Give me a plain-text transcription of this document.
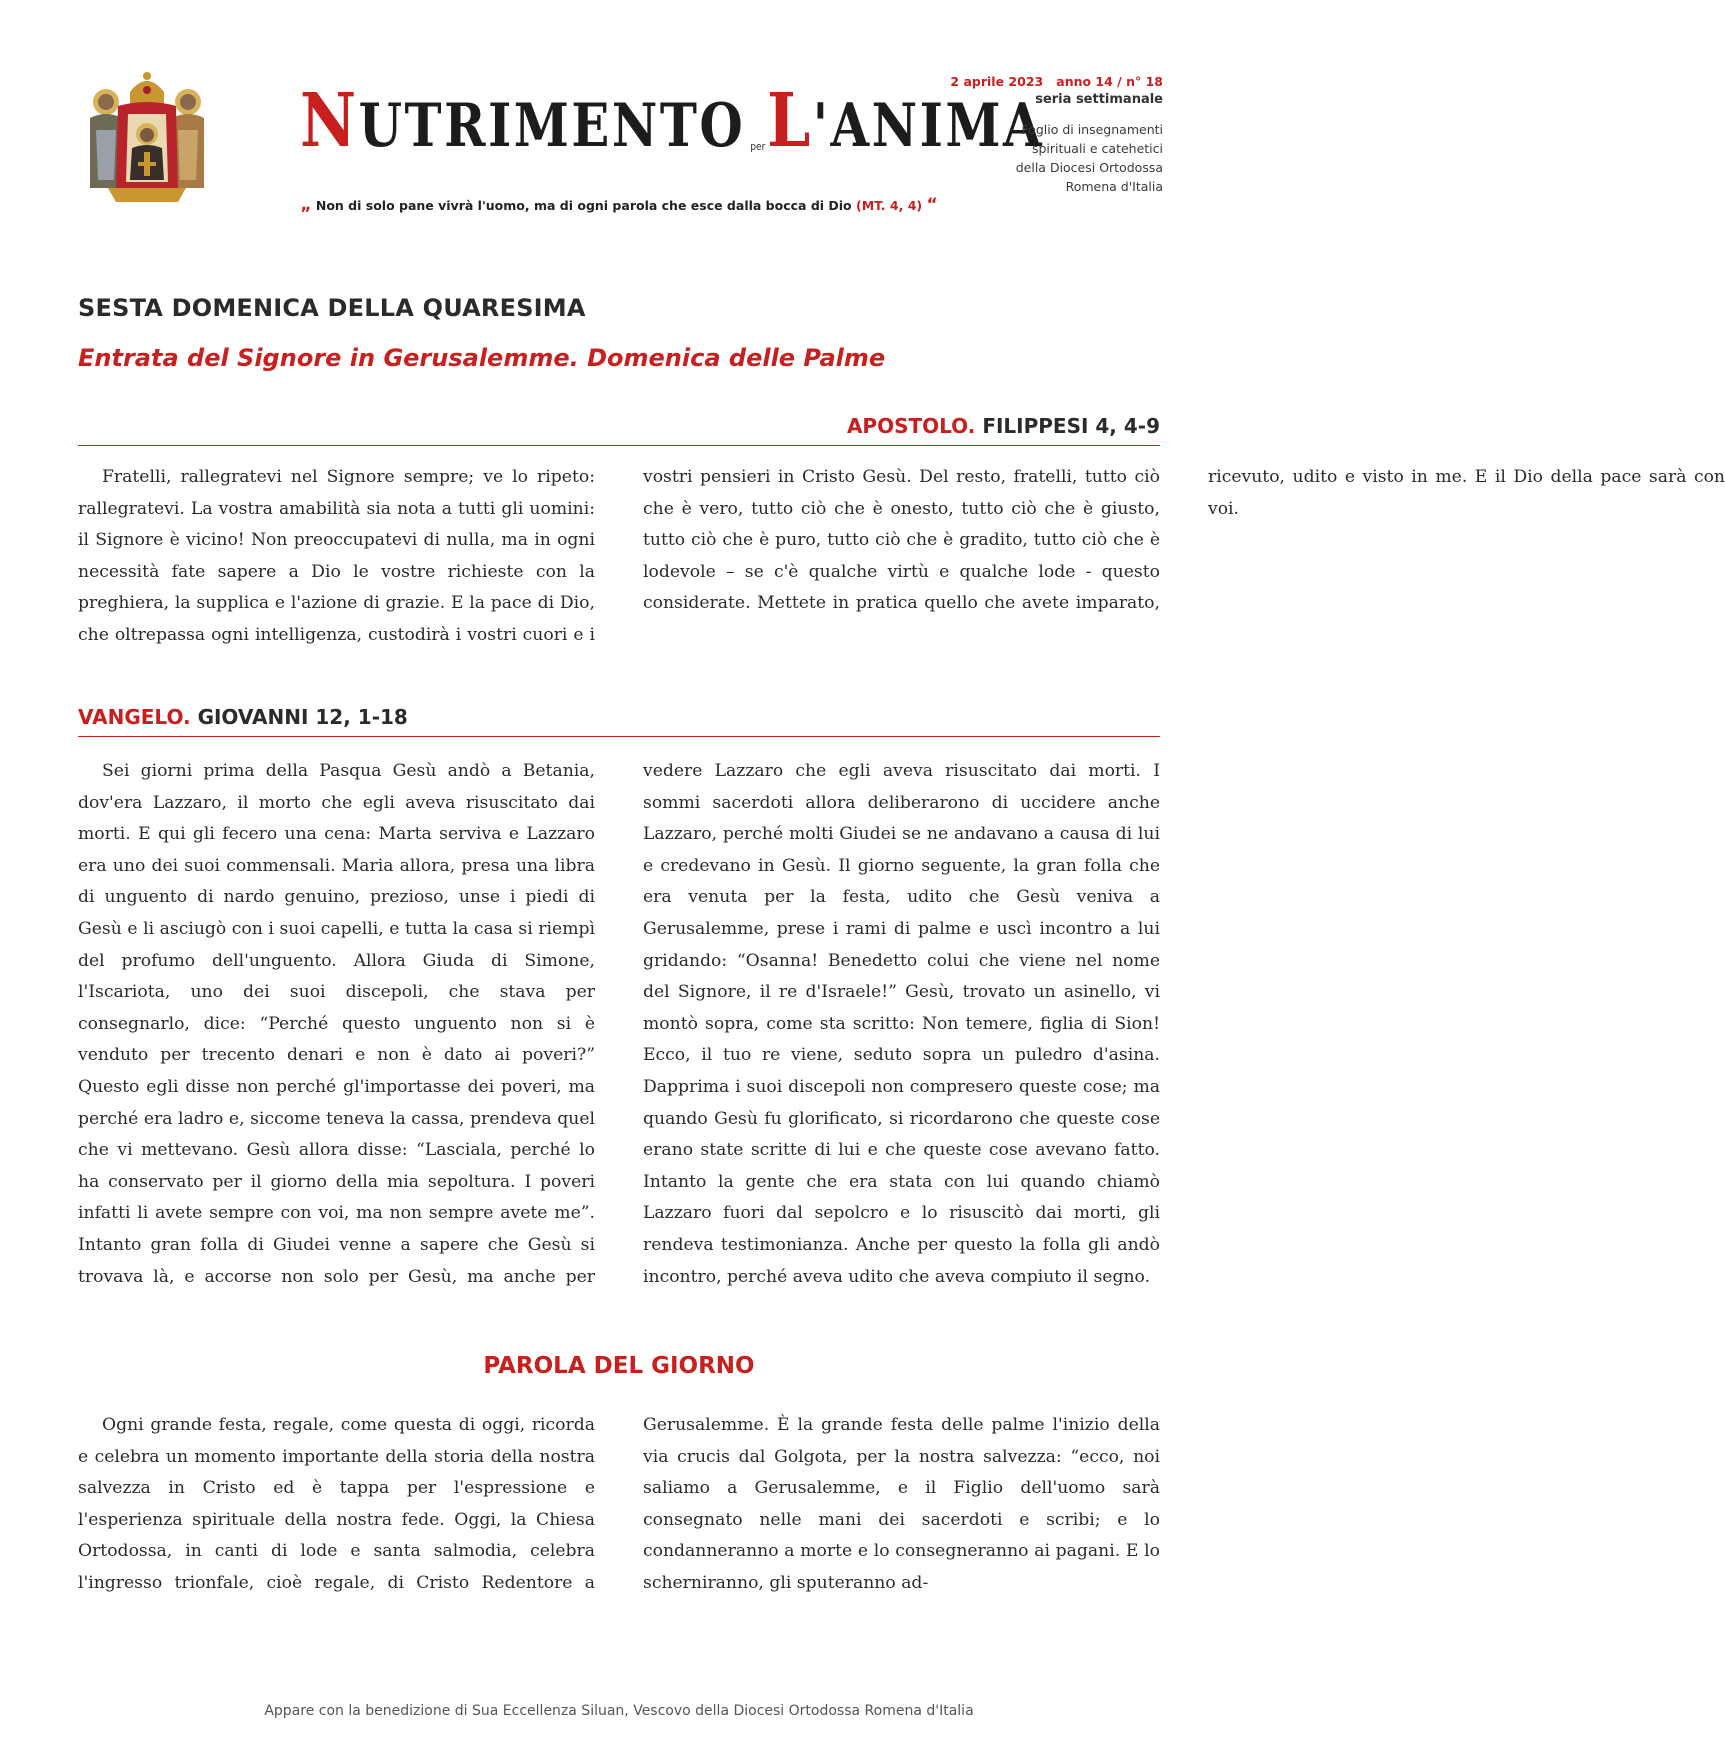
NUTRIMENTO perL'ANIMA
„ Non di solo pane vivrà l'uomo, ma di ogni parola che esce dalla bocca di Dio (MT. 4, 4) “
2 aprile 2023   anno 14 / n° 18
seria settimanale
Foglio di insegnamenti
spirituali e catehetici
della Diocesi Ortodossa
Romena d'Italia
SESTA DOMENICA DELLA QUARESIMA
Entrata del Signore in Gerusalemme. Domenica delle Palme
APOSTOLO. FILIPPESI 4, 4-9

Fratelli, rallegratevi nel Signore sempre; ve lo ripeto: rallegratevi. La vostra amabilità sia nota a tutti gli uomini: il Signore è vicino! Non preoccupatevi di nulla, ma in ogni necessità fate sapere a Dio le vostre richieste con la preghiera, la supplica e l'azione di grazie. E la pace di Dio, che oltrepassa ogni intelligenza, custodirà i vostri cuori e i vostri pensieri in Cristo Gesù. Del resto, fratelli, tutto ciò che è vero, tutto ciò che è onesto, tutto ciò che è giusto, tutto ciò che è puro, tutto ciò che è gradito, tutto ciò che è lodevole – se c'è qualche virtù e qualche lode - questo considerate. Mettete in pratica quello che avete imparato, ricevuto, udito e visto in me. E il Dio della pace sarà con voi.

VANGELO. GIOVANNI 12, 1-18

Sei giorni prima della Pasqua Gesù andò a Betania, dov'era Lazzaro, il morto che egli aveva risuscitato dai morti. E qui gli fecero una cena: Marta serviva e Lazzaro era uno dei suoi commensali. Maria allora, presa una libra di unguento di nardo genuino, prezioso, unse i piedi di Gesù e li asciugò con i suoi capelli, e tutta la casa si riempì del profumo dell'unguento. Allora Giuda di Simone, l'Iscariota, uno dei suoi discepoli, che stava per consegnarlo, dice: “Perché questo unguento non si è venduto per trecento denari e non è dato ai poveri?” Questo egli disse non perché gl'importasse dei poveri, ma perché era ladro e, siccome teneva la cassa, prendeva quel che vi mettevano. Gesù allora disse: “Lasciala, perché lo ha conservato per il giorno della mia sepoltura. I poveri infatti li avete sempre con voi, ma non sempre avete me”. Intanto gran folla di Giudei venne a sapere che Gesù si trovava là, e accorse non solo per Gesù, ma anche per vedere Lazzaro che egli aveva risuscitato dai morti. I sommi sacerdoti allora deliberarono di uccidere anche Lazzaro, perché molti Giudei se ne andavano a causa di lui e credevano in Gesù. Il giorno seguente, la gran folla che era venuta per la festa, udito che Gesù veniva a Gerusalemme, prese i rami di palme e uscì incontro a lui gridando: “Osanna! Benedetto colui che viene nel nome del Signore, il re d'Israele!” Gesù, trovato un asinello, vi montò sopra, come sta scritto: Non temere, figlia di Sion! Ecco, il tuo re viene, seduto sopra un puledro d'asina. Dapprima i suoi discepoli non compresero queste cose; ma quando Gesù fu glorificato, si ricordarono che queste cose erano state scritte di lui e che queste cose avevano fatto. Intanto la gente che era stata con lui quando chiamò Lazzaro fuori dal sepolcro e lo risuscitò dai morti, gli rendeva testimonianza. Anche per questo la folla gli andò incontro, perché aveva udito che aveva compiuto il segno.

PAROLA DEL GIORNO

Ogni grande festa, regale, come questa di oggi, ricorda e celebra un momento importante della storia della nostra salvezza in Cristo ed è tappa per l'espressione e l'esperienza spirituale della nostra fede. Oggi, la Chiesa Ortodossa, in canti di lode e santa salmodia, celebra l'ingresso trionfale, cioè regale, di Cristo Redentore a Gerusalemme. È la grande festa delle palme l'inizio della via crucis dal Golgota, per la nostra salvezza: “ecco, noi saliamo a Gerusalemme, e il Figlio dell'uomo sarà consegnato nelle mani dei sacerdoti e scribi; e lo condanneranno a morte e lo consegneranno ai pagani. E lo scherniranno, gli sputeranno ad-

Appare con la benedizione di Sua Eccellenza Siluan, Vescovo della Diocesi Ortodossa Romena d'Italia
